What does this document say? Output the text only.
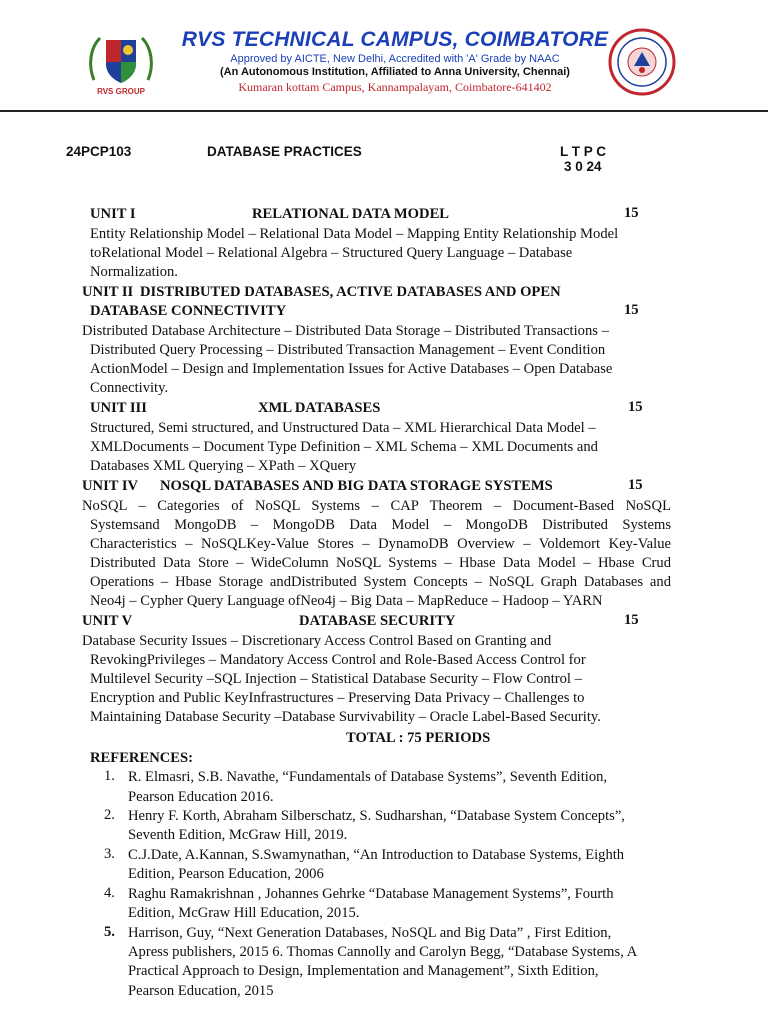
RVS GROUP
RVS TECHNICAL CAMPUS, COIMBATORE
Approved by AICTE, New Delhi, Accredited with 'A' Grade by NAAC
(An Autonomous Institution, Affiliated to Anna University, Chennai)
Kumaran kottam Campus, Kannampalayam, Coimbatore-641402
24PCP103	DATABASE PRACTICES	L T P C
3 0 24
UNIT I	RELATIONAL DATA MODEL	15
Entity Relationship Model – Relational Data Model – Mapping Entity Relationship Model
toRelational Model – Relational Algebra – Structured Query Language – Database
Normalization.
UNIT II DISTRIBUTED DATABASES, ACTIVE DATABASES AND OPEN
DATABASE CONNECTIVITY	15
Distributed Database Architecture – Distributed Data Storage – Distributed Transactions –
Distributed Query Processing – Distributed Transaction Management – Event Condition
ActionModel – Design and Implementation Issues for Active Databases – Open Database
Connectivity.
UNIT III	XML DATABASES	15
Structured, Semi structured, and Unstructured Data – XML Hierarchical Data Model –
XMLDocuments – Document Type Definition – XML Schema – XML Documents and
Databases XML Querying – XPath – XQuery
UNIT IV NOSQL DATABASES AND BIG DATA STORAGE SYSTEMS	15
NoSQL – Categories of NoSQL Systems – CAP Theorem – Document-Based NoSQL
Systemsand MongoDB – MongoDB Data Model – MongoDB Distributed Systems
Characteristics – NoSQLKey-Value Stores – DynamoDB Overview – Voldemort Key-Value
Distributed Data Store – WideColumn NoSQL Systems – Hbase Data Model – Hbase Crud
Operations – Hbase Storage andDistributed System Concepts – NoSQL Graph Databases and
Neo4j – Cypher Query Language ofNeo4j – Big Data – MapReduce – Hadoop – YARN
UNIT V	DATABASE SECURITY	15
Database Security Issues – Discretionary Access Control Based on Granting and
RevokingPrivileges – Mandatory Access Control and Role-Based Access Control for
Multilevel Security –SQL Injection – Statistical Database Security – Flow Control –
Encryption and Public KeyInfrastructures – Preserving Data Privacy – Challenges to
Maintaining Database Security –Database Survivability – Oracle Label-Based Security.
TOTAL : 75 PERIODS
REFERENCES:
1. R. Elmasri, S.B. Navathe, “Fundamentals of Database Systems”, Seventh Edition,
Pearson Education 2016.
2. Henry F. Korth, Abraham Silberschatz, S. Sudharshan, “Database System Concepts”,
Seventh Edition, McGraw Hill, 2019.
3. C.J.Date, A.Kannan, S.Swamynathan, “An Introduction to Database Systems, Eighth
Edition, Pearson Education, 2006
4. Raghu Ramakrishnan , Johannes Gehrke “Database Management Systems”, Fourth
Edition, McGraw Hill Education, 2015.
5. Harrison, Guy, “Next Generation Databases, NoSQL and Big Data” , First Edition,
Apress publishers, 2015 6. Thomas Cannolly and Carolyn Begg, “Database Systems, A
Practical Approach to Design, Implementation and Management”, Sixth Edition,
Pearson Education, 2015
